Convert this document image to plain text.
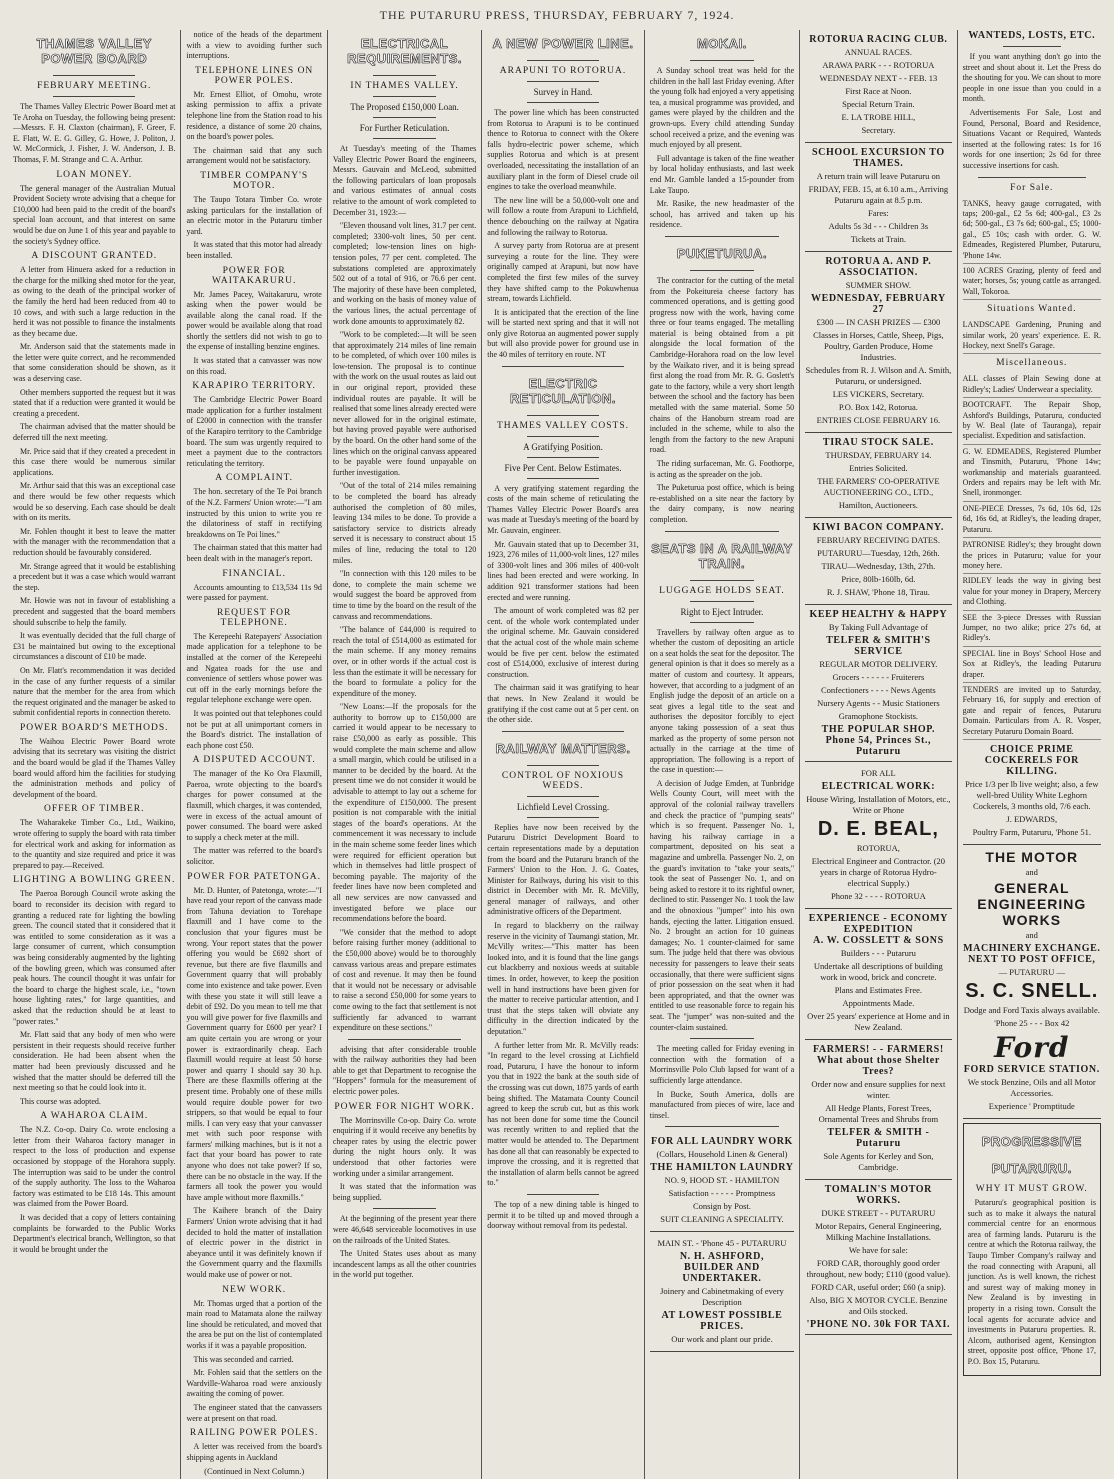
THE PUTARURU PRESS, THURSDAY, FEBRUARY 7, 1924.
THAMES VALLEY POWER BOARD
FEBRUARY MEETING.

The Thames Valley Electric Power Board met at Te Aroha on Tuesday, the following being present:—Messrs. F. H. Claxton (chairman), F. Greer, F. E. Flatt, W. E. G. Gilley, G. Howe, J. Politon, J. W. McCormick, J. Fisher, J. W. Anderson, J. B. Thomas, F. M. Strange and C. A. Arthur.

LOAN MONEY.

The general manager of the Australian Mutual Provident Society wrote advising that a cheque for £10,000 had been paid to the credit of the board's special loan account, and that interest on same would be due on June 1 of this year and payable to the society's Sydney office.

A DISCOUNT GRANTED.

A letter from Hinuera asked for a reduction in the charge for the milking shed motor for the year, as owing to the death of the principal worker of the family the herd had been reduced from 40 to 10 cows, and with such a large reduction in the herd it was not possible to finance the instalments as they became due.

Mr. Anderson said that the statements made in the letter were quite correct, and he recommended that some consideration should be shown, as it was a deserving case.

Other members supported the request but it was stated that if a reduction were granted it would be creating a precedent.

The chairman advised that the matter should be deferred till the next meeting.

Mr. Price said that if they created a precedent in this case there would be numerous similar applications.

Mr. Arthur said that this was an exceptional case and there would be few other requests which would be so deserving. Each case should be dealt with on its merits.

Mr. Fohlen thought it best to leave the matter with the manager with the recommendation that a reduction should be favourably considered.

Mr. Strange agreed that it would be establishing a precedent but it was a case which would warrant the step.

Mr. Howie was not in favour of establishing a precedent and suggested that the board members should subscribe to help the family.

It was eventually decided that the full charge of £31 be maintained but owing to the exceptional circumstances a discount of £10 be made.

On Mr. Flatt's recommendation it was decided in the case of any further requests of a similar nature that the member for the area from which the request originated and the manager be asked to submit confidential reports in connection thereto.

POWER BOARD'S METHODS.

The Waihou Electric Power Board wrote advising that its secretary was visiting the district and the board would be glad if the Thames Valley board would afford him the facilities for studying the administration methods and policy of development of the board.

OFFER OF TIMBER.

The Waharakeke Timber Co., Ltd., Waikino, wrote offering to supply the board with rata timber for electrical work and asking for information as to the quantity and size required and price it was prepared to pay.—Received.

LIGHTING A BOWLING GREEN.

The Paeroa Borough Council wrote asking the board to reconsider its decision with regard to granting a reduced rate for lighting the bowling green. The council stated that it considered that it was entitled to some consideration as it was a large consumer of current, which consumption was being considerably augmented by the lighting of the bowling green, which was consumed after peak hours. The council thought it was unfair for the board to charge the highest scale, i.e., "town house lighting rates," for large quantities, and asked that the reduction should be at least to "power rates."

Mr. Flatt said that any body of men who were persistent in their requests should receive further consideration. He had been absent when the matter had been previously discussed and he wished that the matter should be deferred till the next meeting so that he could look into it.

This course was adopted.

A WAHAROA CLAIM.

The N.Z. Co-op. Dairy Co. wrote enclosing a letter from their Waharoa factory manager in respect to the loss of production and expense occasioned by stoppage of the Horahora supply. The interruption was said to be under the control of the supply authority. The loss to the Waharoa factory was estimated to be £18 14s. This amount was claimed from the Power Board.

It was decided that a copy of letters containing complaints be forwarded to the Public Works Department's electrical branch, Wellington, so that it would be brought under the

notice of the heads of the department with a view to avoiding further such interruptions.

TELEPHONE LINES ON POWER POLES.

Mr. Ernest Elliot, of Omohu, wrote asking permission to affix a private telephone line from the Station road to his residence, a distance of some 20 chains, on the board's power poles.

The chairman said that any such arrangement would not be satisfactory.

TIMBER COMPANY'S MOTOR.

The Taupo Totara Timber Co. wrote asking particulars for the installation of an electric motor in the Putaruru timber yard.

It was stated that this motor had already been installed.

POWER FOR WAITAKARURU.

Mr. James Pacey, Waitakaruru, wrote asking when the power would be available along the canal road. If the power would be available along that road shortly the settlers did not wish to go to the expense of installing benzine engines.

It was stated that a canvasser was now on this road.

KARAPIRO TERRITORY.

The Cambridge Electric Power Board made application for a further instalment of £2000 in connection with the transfer of the Karapiro territory to the Cambridge board. The sum was urgently required to meet a payment due to the contractors reticulating the territory.

A COMPLAINT.

The hon. secretary of the Te Poi branch of the N.Z. Farmers' Union wrote:—"I am instructed by this union to write you re the dilatoriness of staff in rectifying breakdowns on Te Poi lines."

The chairman stated that this matter had been dealt with in the manager's report.

FINANCIAL.

Accounts amounting to £13,534 11s 9d were passed for payment.

REQUEST FOR TELEPHONE.

The Kerepeehi Ratepayers' Association made application for a telephone to be installed at the corner of the Kerepeehi and Ngatea roads for the use and convenience of settlers whose power was cut off in the early mornings before the regular telephone exchange were open.

It was pointed out that telephones could not be put at all unimportant corners in the Board's district. The installation of each phone cost £50.

A DISPUTED ACCOUNT.

The manager of the Ko Ora Flaxmill, Paeroa, wrote objecting to the board's charges for power consumed at the flaxmill, which charges, it was contended, were in excess of the actual amount of power consumed. The board were asked to supply a check meter at the mill.

The matter was referred to the board's solicitor.

POWER FOR PATETONGA.

Mr. D. Hunter, of Patetonga, wrote:—"I have read your report of the canvass made from Tahuna deviation to Torehape flaxmill and I have come to the conclusion that your figures must be wrong. Your report states that the power offering you would be £692 short of revenue, but there are five flaxmills and Government quarry that will probably come into existence and take power. Even with these you state it will still leave a debit of £92. Do you mean to tell me that you will give power for five flaxmills and Government quarry for £600 per year? I am quite certain you are wrong or your power is extraordinarily cheap. Each flaxmill would require at least 50 horse power and quarry I should say 30 h.p. There are these flaxmills offering at the present time. Probably one of these mills would require double power for two strippers, so that would be equal to four mills. I can very easy that your canvasser met with such poor response with farmers' milking machines, but is it not a fact that your board has power to rate anyone who does not take power? If so, there can be no obstacle in the way. If the farmers all took the power you would have ample without more flaxmills."

The Kaihere branch of the Dairy Farmers' Union wrote advising that it had decided to hold the matter of installation of electric power in the district in abeyance until it was definitely known if the Government quarry and the flaxmills would make use of power or not.

NEW WORK.

Mr. Thomas urged that a portion of the main road to Matamata alone the railway line should be reticulated, and moved that the area be put on the list of contemplated works if it was a payable proposition.

This was seconded and carried.

Mr. Fohlen said that the settlers on the Wardville-Waharoa road were anxiously awaiting the coming of power.

The engineer stated that the canvassers were at present on that road.

RAILING POWER POLES.

A letter was received from the board's shipping agents in Auckland

(Continued in Next Column.)
ELECTRICAL REQUIREMENTS.
IN THAMES VALLEY.
The Proposed £150,000 Loan.
For Further Reticulation.

At Tuesday's meeting of the Thames Valley Electric Power Board the engineers, Messrs. Gauvain and McLeod, submitted the following particulars of loan proposals and various estimates of annual costs relative to the amount of work completed to December 31, 1923:—

"Eleven thousand volt lines, 31.7 per cent. completed; 3300-volt lines, 50 per cent. completed; low-tension lines on high-tension poles, 77 per cent. completed. The substations completed are approximately 502 out of a total of 916, or 76.6 per cent. The majority of these have been completed, and working on the basis of money value of the various lines, the actual percentage of work done amounts to approximately 82.

"Work to be completed:—It will be seen that approximately 214 miles of line remain to be completed, of which over 100 miles is low-tension. The proposal is to continue with the work on the usual routes as laid out in our original report, provided these individual routes are payable. It will be realised that some lines already erected were never allowed for in the original estimate, but having proved payable were authorised by the board. On the other hand some of the lines which on the original canvass appeared to be payable were found unpayable on further investigation.

"Out of the total of 214 miles remaining to be completed the board has already authorised the completion of 80 miles, leaving 134 miles to be done. To provide a satisfactory service to districts already served it is necessary to construct about 15 miles of line, reducing the total to 120 miles.

"In connection with this 120 miles to be done, to complete the main scheme we would suggest the board be approved from time to time by the board on the result of the canvass and recommendations.

"The balance of £44,000 is required to reach the total of £514,000 as estimated for the main scheme. If any money remains over, or in other words if the actual cost is less than the estimate it will be necessary for the board to formulate a policy for the expenditure of the money.

"New Loans:—If the proposals for the authority to borrow up to £150,000 are carried it would appear to be necessary to raise £50,000 as early as possible. This would complete the main scheme and allow a small margin, which could be utilised in a manner to be decided by the board. At the present time we do not consider it would be advisable to attempt to lay out a scheme for the expenditure of £150,000. The present position is not comparable with the initial stages of the board's operations. At the commencement it was necessary to include in the main scheme some feeder lines which were required for efficient operation but which in themselves had little prospect of becoming payable. The majority of the feeder lines have now been completed and all new services are now canvassed and investigated before we place our recommendations before the board.

"We consider that the method to adopt before raising further money (additional to the £50,000 above) would be to thoroughly canvass various areas and prepare estimates of cost and revenue. It may then be found that it would not be necessary or advisable to raise a second £50,000 for some years to come owing to the fact that settlement is not sufficiently far advanced to warrant expenditure on these sections."

advising that after considerable trouble with the railway authorities they had been able to get that Department to recognise the "Hoppers" formula for the measurement of electric power poles.

POWER FOR NIGHT WORK.

The Morrinsville Co-op. Dairy Co. wrote enquiring if it would receive any benefits by cheaper rates by using the electric power during the night hours only. It was understood that other factories were working under a similar arrangement.

It was stated that the information was being supplied.

At the beginning of the present year there were 46,648 serviceable locomotives in use on the railroads of the United States.

The United States uses about as many incandescent lamps as all the other countries in the world put together.

A NEW POWER LINE.
ARAPUNI TO ROTORUA.
Survey in Hand.

The power line which has been constructed from Rotorua to Arapuni is to be continued thence to Rotorua to connect with the Okere falls hydro-electric power scheme, which supplies Rotorua and which is at present overloaded, necessitating the installation of an auxiliary plant in the form of Diesel crude oil engines to take the overload meanwhile.

The new line will be a 50,000-volt one and will follow a route from Arapuni to Lichfield, thence debouching on the railway at Ngatira and following the railway to Rotorua.

A survey party from Rotorua are at present surveying a route for the line. They were originally camped at Arapuni, but now have completed the first few miles of the survey they have shifted camp to the Pokuwhenua stream, towards Lichfield.

It is anticipated that the erection of the line will be started next spring and that it will not only give Rotorua an augmented power supply but will also provide power for ground use in the 40 miles of territory en route. NT

ELECTRIC RETICULATION.
THAMES VALLEY COSTS.
A Gratifying Position.
Five Per Cent. Below Estimates.

A very gratifying statement regarding the costs of the main scheme of reticulating the Thames Valley Electric Power Board's area was made at Tuesday's meeting of the board by Mr. Gauvain, engineer.

Mr. Gauvain stated that up to December 31, 1923, 276 miles of 11,000-volt lines, 127 miles of 3300-volt lines and 306 miles of 400-volt lines had been erected and were working. In addition 921 transformer stations had been erected and were running.

The amount of work completed was 82 per cent. of the whole work contemplated under the original scheme. Mr. Gauvain considered that the actual cost of the whole main scheme would be five per cent. below the estimated cost of £514,000, exclusive of interest during construction.

The chairman said it was gratifying to hear that news. In New Zealand it would be gratifying if the cost came out at 5 per cent. on the other side.

RAILWAY MATTERS.
CONTROL OF NOXIOUS WEEDS.
Lichfield Level Crossing.

Replies have now been received by the Putaruru District Development Board to certain representations made by a deputation from the board and the Putaruru branch of the Farmers' Union to the Hon. J. G. Coates, Minister for Railways, during his visit to this district in December with Mr. R. McVilly, general manager of railways, and other administrative officers of the Department.

In regard to blackberry on the railway reserve in the vicinity of Taumangi station, Mr. McVilly writes:—"This matter has been looked into, and it is found that the line gangs cut blackberry and noxious weeds at suitable times. In order, however, to keep the position well in hand instructions have been given for the matter to receive particular attention, and I trust that the steps taken will obviate any difficulty in the direction indicated by the deputation."

A further letter from Mr. R. McVilly reads: "In regard to the level crossing at Lichfield road, Putaruru, I have the honour to inform you that in 1922 the bank at the south side of the crossing was cut down, 1875 yards of earth being shifted. The Matamata County Council agreed to keep the scrub cut, but as this work has not been done for some time the Council was recently written to and replied that the matter would be attended to. The Department has done all that can reasonably be expected to improve the crossing, and it is regretted that the installation of alarm bells cannot be agreed to."

The top of a new dining table is hinged to permit it to be tilted up and moved through a doorway without removal from its pedestal.

MOKAI.

A Sunday school treat was held for the children in the hall last Friday evening. After the young folk had enjoyed a very appetising tea, a musical programme was provided, and games were played by the children and the grown-ups. Every child attending Sunday school received a prize, and the evening was much enjoyed by all present.

Full advantage is taken of the fine weather by local holiday enthusiasts, and last week end Mr. Gamble landed a 15-pounder from Lake Taupo.

Mr. Rasike, the new headmaster of the school, has arrived and taken up his residence.

PUKETURUA.

The contractor for the cutting of the metal from the Pokeitureia cheese factory has commenced operations, and is getting good progress now with the work, having come three or four teams engaged. The metalling material is being obtained from a pit alongside the local formation of the Cambridge-Horahora road on the low level by the Waikato river, and it is being spread first along the road from Mr. R. G. Goslett's gate to the factory, while a very short length between the school and the factory has been metalled with the same material. Some 50 chains of the Hanoburn stream road are included in the scheme, while to also the length from the factory to the new Arapuni road.

The riding surfaceman, Mr. G. Foothorpe, is acting as the spreader on the job.

The Puketurua post office, which is being re-established on a site near the factory by the dairy company, is now nearing completion.

SEATS IN A RAILWAY TRAIN.
LUGGAGE HOLDS SEAT.
Right to Eject Intruder.

Travellers by railway often argue as to whether the custom of depositing an article on a seat holds the seat for the depositor. The general opinion is that it does so merely as a matter of custom and courtesy. It appears, however, that according to a judgment of an English judge the deposit of an article on a seat gives a legal title to the seat and authorises the depositor forcibly to eject anyone taking possession of a seat thus marked as the property of some person not actually in the carriage at the time of appropriation. The following is a report of the case in question:—

A decision of Judge Emden, at Tunbridge Wells County Court, will meet with the approval of the colonial railway travellers and check the practice of "pumping seats" which is so frequent. Passenger No. 1, having his railway carriage in a compartment, deposited on his seat a magazine and umbrella. Passenger No. 2, on the guard's invitation to "take your seats," took the seat of Passenger No. 1, and on being asked to restore it to its rightful owner, declined to stir. Passenger No. 1 took the law and the obnoxious "jumper" into his own hands, ejecting the latter. Litigation ensued. No. 2 brought an action for 10 guineas damages; No. 1 counter-claimed for same sum. The judge held that there was obvious necessity for passengers to leave their seats occasionally, that there were sufficient signs of prior possession on the seat when it had been appropriated, and that the owner was entitled to use reasonable force to regain his seat. The "jumper" was non-suited and the counter-claim sustained.

The meeting called for Friday evening in connection with the formation of a Morrinsville Polo Club lapsed for want of a sufficiently large attendance.

In Bucke, South America, dolls are manufactured from pieces of wire, lace and tinsel.

FOR ALL LAUNDRY WORK
(Collars, Household Linen & General)
THE HAMILTON LAUNDRY
NO. 9, HOOD ST. - HAMILTON
Satisfaction - - - - - Promptness
Consign by Post.
SUIT CLEANING A SPECIALITY.
MAIN ST. - 'Phone 45 - PUTARURU
N. H. ASHFORD,
BUILDER AND UNDERTAKER.
Joinery and Cabinetmaking of every Description
AT LOWEST POSSIBLE PRICES.
Our work and plant our pride.
ROTORUA RACING CLUB.
ANNUAL RACES.
ARAWA PARK - - - ROTORUA
WEDNESDAY NEXT - - FEB. 13
First Race at Noon.
Special Return Train.
E. LA TROBE HILL,
Secretary.
SCHOOL EXCURSION TO THAMES.
A return train will leave Putaruru on
FRIDAY, FEB. 15, at 6.10 a.m., Arriving Putaruru again at 8.5 p.m.
Fares:
Adults 5s 3d - - - Children 3s
Tickets at Train.
ROTORUA A. AND P. ASSOCIATION.
SUMMER SHOW.
WEDNESDAY, FEBRUARY 27
£300 — IN CASH PRIZES — £300
Classes in Horses, Cattle, Sheep, Pigs, Poultry, Garden Produce, Home Industries.
Schedules from R. J. Wilson and A. Smith, Putaruru, or undersigned.
LES VICKERS, Secretary.
P.O. Box 142, Rotorua.
ENTRIES CLOSE FEBRUARY 16.
TIRAU STOCK SALE.
THURSDAY, FEBRUARY 14.
Entries Solicited.
THE FARMERS' CO-OPERATIVE AUCTIONEERING CO., LTD.,
Hamilton, Auctioneers.
KIWI BACON COMPANY.
FEBRUARY RECEIVING DATES.
PUTARURU—Tuesday, 12th, 26th.
TIRAU—Wednesday, 13th, 27th.
Price, 80lb-160lb, 6d.
R. J. SHAW, 'Phone 18, Tirau.
KEEP HEALTHY & HAPPY
By Taking Full Advantage of
TELFER & SMITH'S SERVICE
REGULAR MOTOR DELIVERY.
Grocers - - - - - - Fruiterers
Confectioners - - - - News Agents
Nursery Agents - - Music Stationers
Gramophone Stockists.
THE POPULAR SHOP.
Phone 54, Princes St., Putaruru
FOR ALL
ELECTRICAL WORK:
House Wiring, Installation of Motors, etc., Write or Phone
D. E. BEAL,
ROTORUA,
Electrical Engineer and Contractor. (20 years in charge of Rotorua Hydro-electrical Supply.)
Phone 32 - - - - ROTORUA
EXPERIENCE - ECONOMY
EXPEDITION
A. W. COSSLETT & SONS
Builders - - - Putaruru
Undertake all descriptions of building work in wood, brick and concrete.
Plans and Estimates Free.
Appointments Made.
Over 25 years' experience at Home and in New Zealand.
FARMERS! - - FARMERS!
What about those Shelter Trees?
Order now and ensure supplies for next winter.
All Hedge Plants, Forest Trees, Ornamental Trees and Shrubs from
TELFER & SMITH - Putaruru
Sole Agents for Kerley and Son, Cambridge.
TOMALIN'S MOTOR WORKS.
DUKE STREET - - PUTARURU
Motor Repairs, General Engineering, Milking Machine Installations.
We have for sale:
FORD CAR, thoroughly good order throughout, new body; £110 (good value).
FORD CAR, useful order; £60 (a snip).
Also, BIG X MOTOR CYCLE. Benzine and Oils stocked.
'PHONE NO. 30k FOR TAXI.
WANTEDS, LOSTS, ETC.

If you want anything don't go into the street and shout about it. Let the Press do the shouting for you. We can shout to more people in one issue than you could in a month.

Advertisements For Sale, Lost and Found, Personal, Board and Residence, Situations Vacant or Required, Wanteds inserted at the following rates: 1s for 16 words for one insertion; 2s 6d for three successive insertions for cash.

For Sale.
TANKS, heavy gauge corrugated, with taps; 200-gal., £2 5s 6d; 400-gal., £3 2s 6d; 500-gal., £3 7s 6d; 600-gal., £5; 1000-gal., £5 10s; cash with order. G. W. Edmeades, Registered Plumber, Putaruru, 'Phone 14w.
100 ACRES Grazing, plenty of feed and water; horses, 5s; young cattle as arranged. Wall, Tokoroa.
Situations Wanted.
LANDSCAPE Gardening, Pruning and similar work, 20 years' experience. E. R. Hockey, next Snell's Garage.
Miscellaneous.
ALL classes of Plain Sewing done at Ridley's; Ladies' Underwear a speciality.
BOOTCRAFT. The Repair Shop, Ashford's Buildings, Putaruru, conducted by W. Beal (late of Tauranga), repair specialist. Expedition and satisfaction.
G. W. EDMEADES, Registered Plumber and Tinsmith, Putaruru, 'Phone 14w; workmanship and materials guaranteed. Orders and repairs may be left with Mr. Snell, ironmonger.
ONE-PIECE Dresses, 7s 6d, 10s 6d, 12s 6d, 16s 6d, at Ridley's, the leading draper, Putaruru.
PATRONISE Ridley's; they brought down the prices in Putaruru; value for your money here.
RIDLEY leads the way in giving best value for your money in Drapery, Mercery and Clothing.
SEE the 3-piece Dresses with Russian Jumper, no two alike; price 27s 6d, at Ridley's.
SPECIAL line in Boys' School Hose and Sox at Ridley's, the leading Putaruru draper.
TENDERS are invited up to Saturday, February 16, for supply and erection of gate and repair of fences, Putaruru Domain. Particulars from A. R. Vosper, Secretary Putaruru Domain Board.
CHOICE PRIME COCKERELS FOR KILLING.
Price 1/3 per lb live weight; also, a few well-bred Utility White Leghorn Cockerels, 3 months old, 7/6 each.
J. EDWARDS,
Poultry Farm, Putaruru, 'Phone 51.
THE MOTOR
and
GENERAL ENGINEERING WORKS
and
MACHINERY EXCHANGE. NEXT TO POST OFFICE,
— PUTARURU —
S. C. SNELL.
Dodge and Ford Taxis always available.
'Phone 25 - - - Box 42
Ford
FORD SERVICE STATION.
We stock Benzine, Oils and all Motor Accessories.
Experience ' Promptitude
PROGRESSIVE
PUTARURU.
WHY IT MUST GROW.

Putaruru's geographical position is such as to make it always the natural commercial centre for an enormous area of farming lands. Putaruru is the centre at which the Rotorua railway, the Taupo Timber Company's railway and the road connecting with Arapuni, all junction. As is well known, the richest and surest way of making money in New Zealand is by investing in property in a rising town. Consult the local agents for accurate advice and investments in Putaruru properties. R. Alcorn, authorised agent, Kensington street, opposite post office, 'Phone 17, P.O. Box 15, Putaruru.
